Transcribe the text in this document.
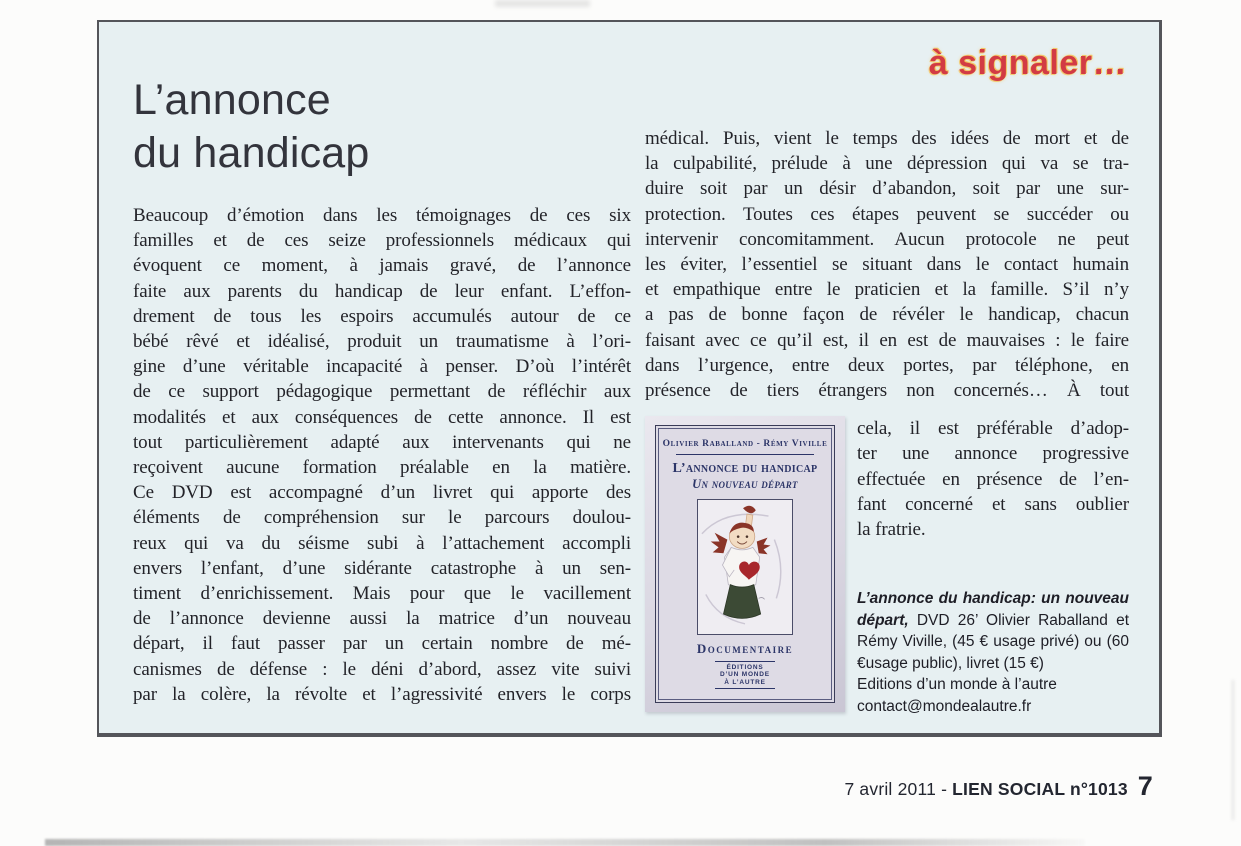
à signaler…
L’annonce
du handicap
Beaucoup d’émotion dans les témoignages de ces six
familles et de ces seize professionnels médicaux qui
évoquent ce moment, à jamais gravé, de l’annonce
faite aux parents du handicap de leur enfant. L’effon-
drement de tous les espoirs accumulés autour de ce
bébé rêvé et idéalisé, produit un traumatisme à l’ori-
gine d’une véritable incapacité à penser. D’où l’intérêt
de ce support pédagogique permettant de réfléchir aux
modalités et aux conséquences de cette annonce. Il est
tout particulièrement adapté aux intervenants qui ne
reçoivent aucune formation préalable en la matière.
Ce DVD est accompagné d’un livret qui apporte des
éléments de compréhension sur le parcours doulou-
reux qui va du séisme subi à l’attachement accompli
envers l’enfant, d’une sidérante catastrophe à un sen-
timent d’enrichissement. Mais pour que le vacillement
de l’annonce devienne aussi la matrice d’un nouveau
départ, il faut passer par un certain nombre de mé-
canismes de défense : le déni d’abord, assez vite suivi
par la colère, la révolte et l’agressivité envers le corps
médical. Puis, vient le temps des idées de mort et de
la culpabilité, prélude à une dépression qui va se tra-
duire soit par un désir d’abandon, soit par une sur-
protection. Toutes ces étapes peuvent se succéder ou
intervenir concomitamment. Aucun protocole ne peut
les éviter, l’essentiel se situant dans le contact humain
et empathique entre le praticien et la famille. S’il n’y
a pas de bonne façon de révéler le handicap, chacun
faisant avec ce qu’il est, il en est de mauvaises : le faire
dans l’urgence, entre deux portes, par téléphone, en
présence de tiers étrangers non concernés… À tout
Olivier Raballand - Rémy Viville
L’annonce du handicap
Un nouveau départ
Documentaire
ÉDITIONS
D’UN MONDE
À L’AUTRE
cela, il est préférable d’adop-
ter une annonce progressive
effectuée en présence de l’en-
fant concerné et sans oublier
la fratrie.

L’annonce du handicap: un nouveau départ, DVD 26’ Olivier Raballand et Rémy Viville, (45 € usage privé) ou (60 €usage public), livret (15 €)

Editions d’un monde à l’autre

contact@mondealautre.fr

7 avril 2011 - LIEN SOCIAL n°1013 7
